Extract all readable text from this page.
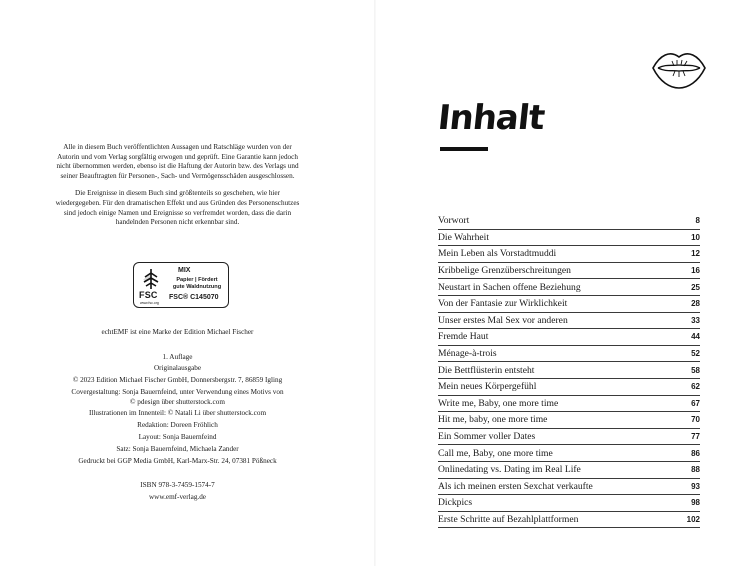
Alle in diesem Buch veröffentlichten Aussagen und Ratschläge wurden von der Autorin und vom Verlag sorgfältig erwogen und geprüft. Eine Garantie kann jedoch nicht übernommen werden, ebenso ist die Haftung der Autorin bzw. des Verlags und seiner Beauftragten für Personen-, Sach- und Vermögensschäden ausgeschlossen.

Die Ereignisse in diesem Buch sind größtenteils so geschehen, wie hier wiedergegeben. Für den dramatischen Effekt und aus Gründen des Personenschutzes sind jedoch einige Namen und Ereignisse so verfremdet worden, dass die darin handelnden Personen nicht erkennbar sind.

FSC
www.fsc.org
MIX
Papier | Fördert
gute Waldnutzung
FSC® C145070
echtEMF ist eine Marke der Edition Michael Fischer
1. Auflage
Originalausgabe
© 2023 Edition Michael Fischer GmbH, Donnersbergstr. 7, 86859 Igling
Covergestaltung: Sonja Bauernfeind, unter Verwendung eines Motivs von
© pdesign über shutterstock.com
Illustrationen im Innenteil: © Natali Li über shutterstock.com
Redaktion: Doreen Fröhlich
Layout: Sonja Bauernfeind
Satz: Sonja Bauernfeind, Michaela Zander
Gedruckt bei GGP Media GmbH, Karl-Marx-Str. 24, 07381 Pößneck
ISBN 978-3-7459-1574-7
www.emf-verlag.de
Inhalt
Vorwort	8
Die Wahrheit	10
Mein Leben als Vorstadtmuddi	12
Kribbelige Grenzüberschreitungen	16
Neustart in Sachen offene Beziehung	25
Von der Fantasie zur Wirklichkeit	28
Unser erstes Mal Sex vor anderen	33
Fremde Haut	44
Ménage-à-trois	52
Die Bettflüsterin entsteht	58
Mein neues Körpergefühl	62
Write me, Baby, one more time	67
Hit me, baby, one more time	70
Ein Sommer voller Dates	77
Call me, Baby, one more time	86
Onlinedating vs. Dating im Real Life	88
Als ich meinen ersten Sexchat verkaufte	93
Dickpics	98
Erste Schritte auf Bezahlplattformen	102
